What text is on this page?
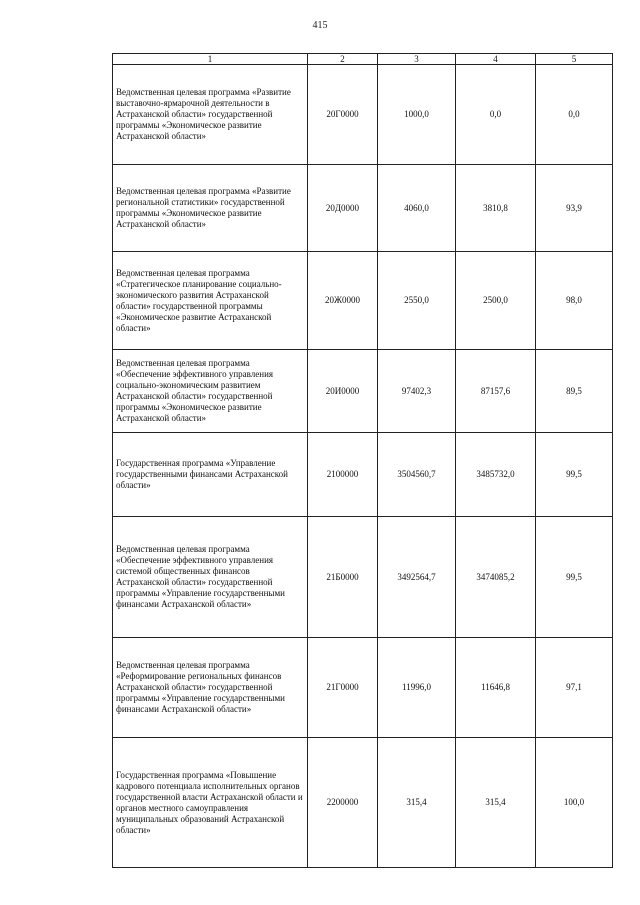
415
1	2	3	4	5
Ведомственная целевая программа «Развитие выставочно-ярмарочной деятельности в Астраханской области» государственной программы «Экономическое развитие Астраханской области»	20Г0000	1000,0	0,0	0,0
Ведомственная целевая программа «Развитие региональной статистики» государственной программы «Экономическое развитие Астраханской области»	20Д0000	4060,0	3810,8	93,9
Ведомственная целевая программа «Стратегическое планирование социально-экономического развития Астраханской области» государственной программы «Экономическое развитие Астраханской области»	20Ж0000	2550,0	2500,0	98,0
Ведомственная целевая программа «Обеспечение эффективного управления социально-экономическим развитием Астраханской области» государственной программы «Экономическое развитие Астраханской области»	20И0000	97402,3	87157,6	89,5
Государственная программа «Управление государственными финансами Астраханской области»	2100000	3504560,7	3485732,0	99,5
Ведомственная целевая программа «Обеспечение эффективного управления системой общественных финансов Астраханской области» государственной программы «Управление государственными финансами Астраханской области»	21Б0000	3492564,7	3474085,2	99,5
Ведомственная целевая программа «Реформирование региональных финансов Астраханской области» государственной программы «Управление государственными финансами Астраханской области»	21Г0000	11996,0	11646,8	97,1
Государственная программа «Повышение кадрового потенциала исполнительных органов государственной власти Астраханской области и органов местного самоуправления муниципальных образований Астраханской области»	2200000	315,4	315,4	100,0
